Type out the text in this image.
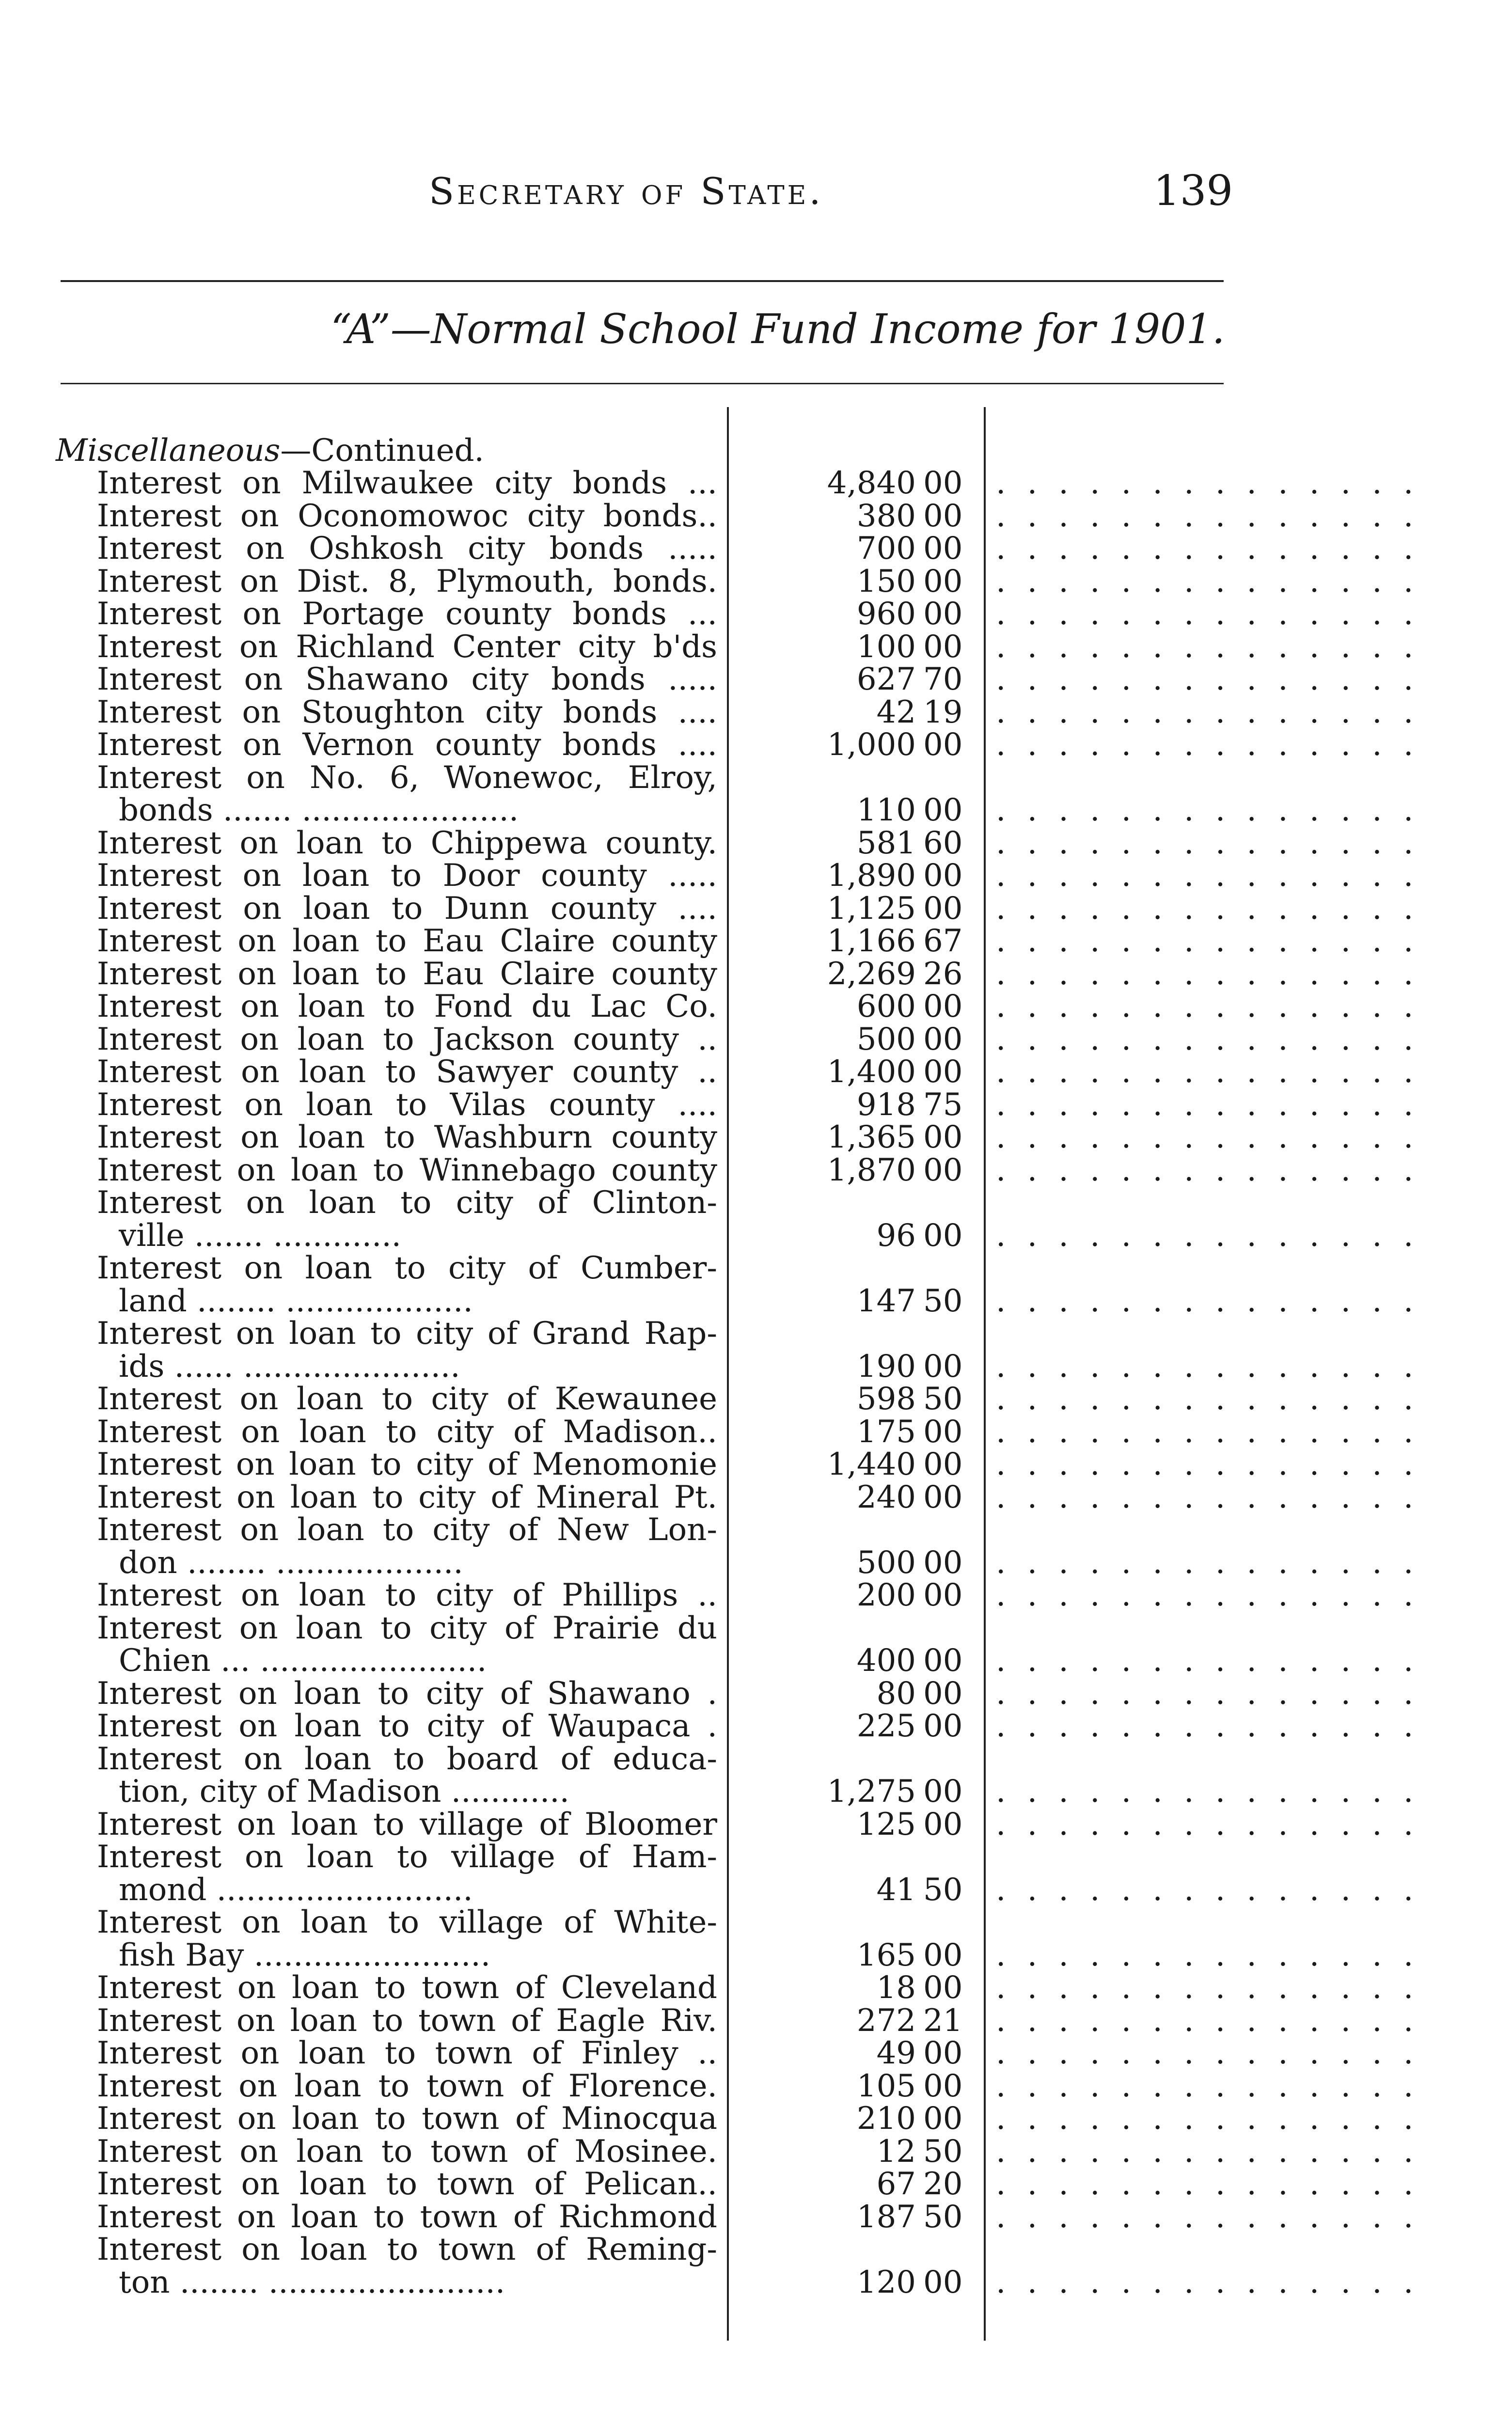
Secretary of State.	139
“A”—Normal School Fund Income for 1901.
Miscellaneous—Continued.
Interest on Milwaukee city bonds ...	4,840 00 . . . . . . . . . . . . . .
Interest on Oconomowoc city bonds..	380 00 . . . . . . . . . . . . . .
Interest on Oshkosh city bonds .....	700 00 . . . . . . . . . . . . . .
Interest on Dist. 8, Plymouth, bonds.	150 00 . . . . . . . . . . . . . .
Interest on Portage county bonds ...	960 00 . . . . . . . . . . . . . .
Interest on Richland Center city b'ds	100 00 . . . . . . . . . . . . . .
Interest on Shawano city bonds .....	627 70 . . . . . . . . . . . . . .
Interest on Stoughton city bonds ....	42 19 . . . . . . . . . . . . . .
Interest on Vernon county bonds ....	1,000 00 . . . . . . . . . . . . . .
Interest on No. 6, Wonewoc, Elroy,
bonds ....... ......................	110 00 . . . . . . . . . . . . . .
Interest on loan to Chippewa county.	581 60 . . . . . . . . . . . . . .
Interest on loan to Door county .....	1,890 00 . . . . . . . . . . . . . .
Interest on loan to Dunn county ....	1,125 00 . . . . . . . . . . . . . .
Interest on loan to Eau Claire county	1,166 67 . . . . . . . . . . . . . .
Interest on loan to Eau Claire county	2,269 26 . . . . . . . . . . . . . .
Interest on loan to Fond du Lac Co.	600 00 . . . . . . . . . . . . . .
Interest on loan to Jackson county ..	500 00 . . . . . . . . . . . . . .
Interest on loan to Sawyer county ..	1,400 00 . . . . . . . . . . . . . .
Interest on loan to Vilas county ....	918 75 . . . . . . . . . . . . . .
Interest on loan to Washburn county	1,365 00 . . . . . . . . . . . . . .
Interest on loan to Winnebago county	1,870 00 . . . . . . . . . . . . . .
Interest on loan to city of Clinton-
ville ....... .............	96 00 . . . . . . . . . . . . . .
Interest on loan to city of Cumber-
land ........ ...................	147 50 . . . . . . . . . . . . . .
Interest on loan to city of Grand Rap-
ids ...... ......................	190 00 . . . . . . . . . . . . . .
Interest on loan to city of Kewaunee	598 50 . . . . . . . . . . . . . .
Interest on loan to city of Madison..	175 00 . . . . . . . . . . . . . .
Interest on loan to city of Menomonie	1,440 00 . . . . . . . . . . . . . .
Interest on loan to city of Mineral Pt.	240 00 . . . . . . . . . . . . . .
Interest on loan to city of New Lon-
don ........ ...................	500 00 . . . . . . . . . . . . . .
Interest on loan to city of Phillips ..	200 00 . . . . . . . . . . . . . .
Interest on loan to city of Prairie du
Chien ... .......................	400 00 . . . . . . . . . . . . . .
Interest on loan to city of Shawano .	80 00 . . . . . . . . . . . . . .
Interest on loan to city of Waupaca .	225 00 . . . . . . . . . . . . . .
Interest on loan to board of educa-
tion, city of Madison ............	1,275 00 . . . . . . . . . . . . . .
Interest on loan to village of Bloomer	125 00 . . . . . . . . . . . . . .
Interest on loan to village of Ham-
mond ..........................	41 50 . . . . . . . . . . . . . .
Interest on loan to village of White-
fish Bay ........................	165 00 . . . . . . . . . . . . . .
Interest on loan to town of Cleveland	18 00 . . . . . . . . . . . . . .
Interest on loan to town of Eagle Riv.	272 21 . . . . . . . . . . . . . .
Interest on loan to town of Finley ..	49 00 . . . . . . . . . . . . . .
Interest on loan to town of Florence.	105 00 . . . . . . . . . . . . . .
Interest on loan to town of Minocqua	210 00 . . . . . . . . . . . . . .
Interest on loan to town of Mosinee.	12 50 . . . . . . . . . . . . . .
Interest on loan to town of Pelican..	67 20 . . . . . . . . . . . . . .
Interest on loan to town of Richmond	187 50 . . . . . . . . . . . . . .
Interest on loan to town of Reming-
ton ........ ........................	120 00 . . . . . . . . . . . . . .
